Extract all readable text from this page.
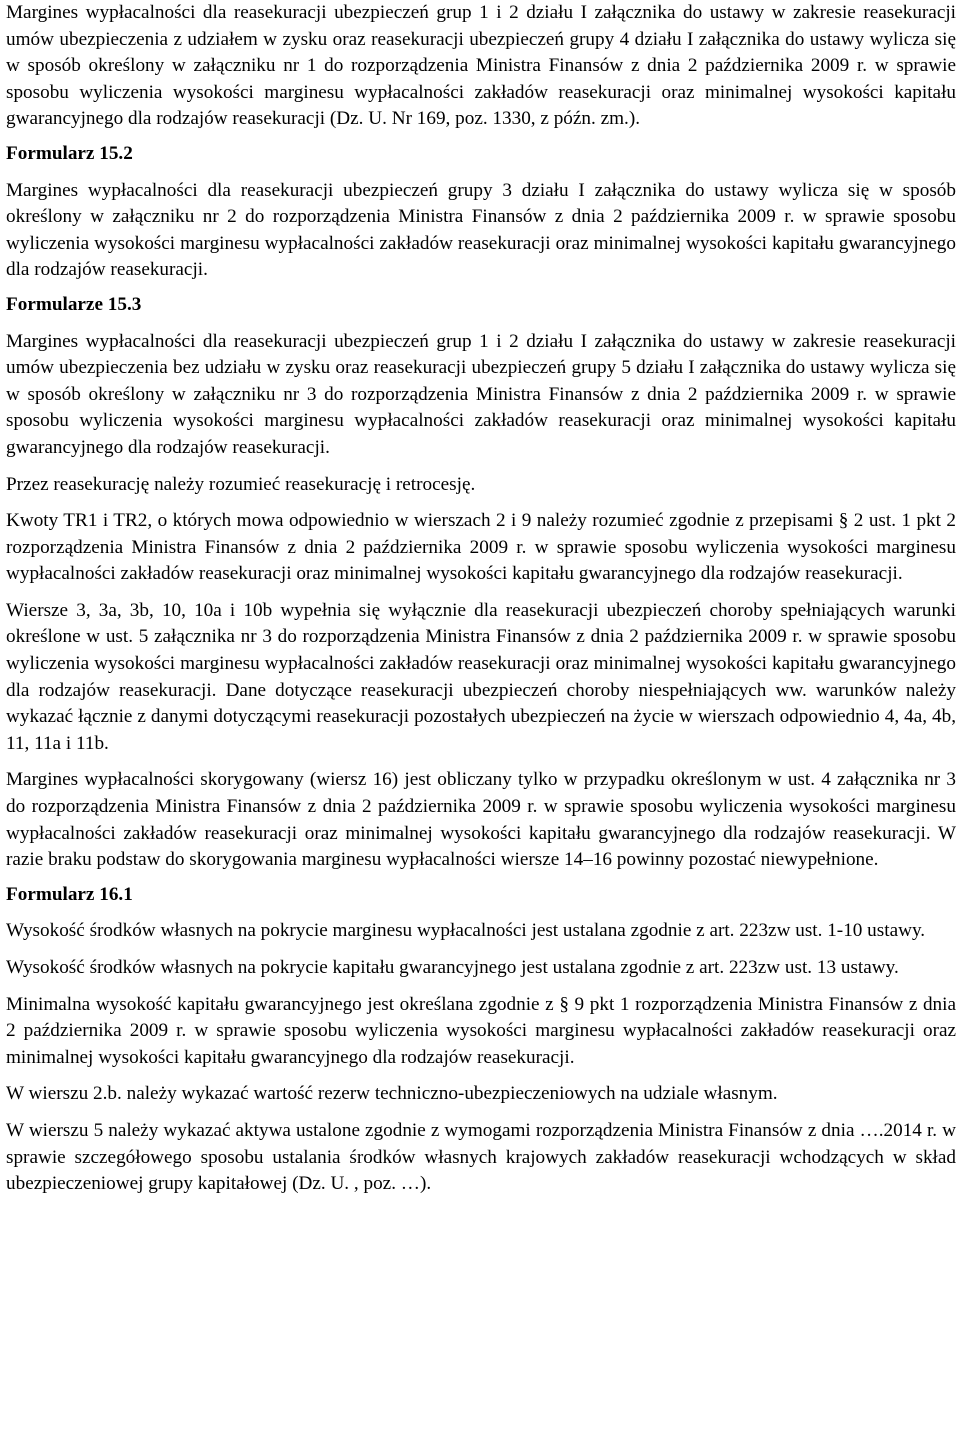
Margines wypłacalności dla reasekuracji ubezpieczeń grup 1 i 2 działu I załącznika do ustawy w zakresie reasekuracji umów ubezpieczenia z udziałem w zysku oraz reasekuracji ubezpieczeń grupy 4 działu I załącznika do ustawy wylicza się w sposób określony w załączniku nr 1 do rozporządzenia Ministra Finansów z dnia 2 października 2009 r. w sprawie sposobu wyliczenia wysokości marginesu wypłacalności zakładów reasekuracji oraz minimalnej wysokości kapitału gwarancyjnego dla rodzajów reasekuracji (Dz. U. Nr 169, poz. 1330, z późn. zm.).

Formularz 15.2

Margines wypłacalności dla reasekuracji ubezpieczeń grupy 3 działu I załącznika do ustawy wylicza się w sposób określony w załączniku nr 2 do rozporządzenia Ministra Finansów z dnia 2 października 2009 r. w sprawie sposobu wyliczenia wysokości marginesu wypłacalności zakładów reasekuracji oraz minimalnej wysokości kapitału gwarancyjnego dla rodzajów reasekuracji.

Formularze 15.3

Margines wypłacalności dla reasekuracji ubezpieczeń grup 1 i 2 działu I załącznika do ustawy w zakresie reasekuracji umów ubezpieczenia bez udziału w zysku oraz reasekuracji ubezpieczeń grupy 5 działu I załącznika do ustawy wylicza się w sposób określony w załączniku nr 3 do rozporządzenia Ministra Finansów z dnia 2 października 2009 r. w sprawie sposobu wyliczenia wysokości marginesu wypłacalności zakładów reasekuracji oraz minimalnej wysokości kapitału gwarancyjnego dla rodzajów reasekuracji.

Przez reasekurację należy rozumieć reasekurację i retrocesję.

Kwoty TR1 i TR2, o których mowa odpowiednio w wierszach 2 i 9 należy rozumieć zgodnie z przepisami § 2 ust. 1 pkt 2 rozporządzenia Ministra Finansów z dnia 2 października 2009 r. w sprawie sposobu wyliczenia wysokości marginesu wypłacalności zakładów reasekuracji oraz minimalnej wysokości kapitału gwarancyjnego dla rodzajów reasekuracji.

Wiersze 3, 3a, 3b, 10, 10a i 10b wypełnia się wyłącznie dla reasekuracji ubezpieczeń choroby spełniających warunki określone w ust. 5 załącznika nr 3 do rozporządzenia Ministra Finansów z dnia 2 października 2009 r. w sprawie sposobu wyliczenia wysokości marginesu wypłacalności zakładów reasekuracji oraz minimalnej wysokości kapitału gwarancyjnego dla rodzajów reasekuracji. Dane dotyczące reasekuracji ubezpieczeń choroby niespełniających ww. warunków należy wykazać łącznie z danymi dotyczącymi reasekuracji pozostałych ubezpieczeń na życie w wierszach odpowiednio 4, 4a, 4b, 11, 11a i 11b.

Margines wypłacalności skorygowany (wiersz 16) jest obliczany tylko w przypadku określonym w ust. 4 załącznika nr 3 do rozporządzenia Ministra Finansów z dnia 2 października 2009 r. w sprawie sposobu wyliczenia wysokości marginesu wypłacalności zakładów reasekuracji oraz minimalnej wysokości kapitału gwarancyjnego dla rodzajów reasekuracji. W razie braku podstaw do skorygowania marginesu wypłacalności wiersze 14–16 powinny pozostać niewypełnione.

Formularz 16.1

Wysokość środków własnych na pokrycie marginesu wypłacalności jest ustalana zgodnie z art. 223zw ust. 1-10 ustawy.

Wysokość środków własnych na pokrycie kapitału gwarancyjnego jest ustalana zgodnie z art. 223zw ust. 13 ustawy.

Minimalna wysokość kapitału gwarancyjnego jest określana zgodnie z § 9 pkt 1 rozporządzenia Ministra Finansów z dnia 2 października 2009 r. w sprawie sposobu wyliczenia wysokości marginesu wypłacalności zakładów reasekuracji oraz minimalnej wysokości kapitału gwarancyjnego dla rodzajów reasekuracji.

W wierszu 2.b. należy wykazać wartość rezerw techniczno-ubezpieczeniowych na udziale własnym.

W wierszu 5 należy wykazać aktywa ustalone zgodnie z wymogami rozporządzenia Ministra Finansów z dnia ….2014 r. w sprawie szczegółowego sposobu ustalania środków własnych krajowych zakładów reasekuracji wchodzących w skład ubezpieczeniowej grupy kapitałowej (Dz. U. , poz. …).
